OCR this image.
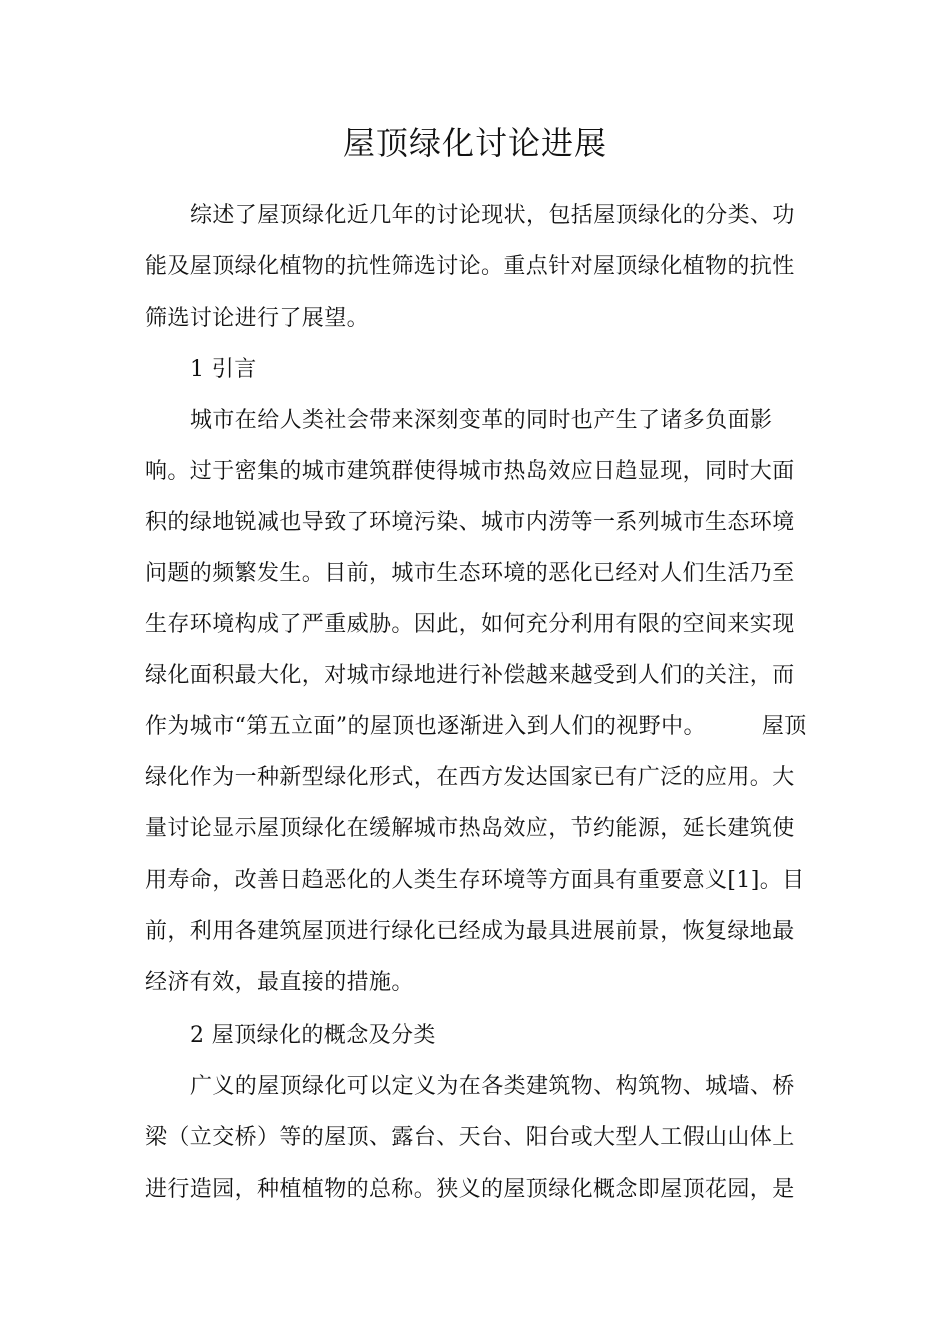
屋顶绿化讨论进展
综述了屋顶绿化近几年的讨论现状，包括屋顶绿化的分类、功
能及屋顶绿化植物的抗性筛选讨论。重点针对屋顶绿化植物的抗性
筛选讨论进行了展望。
1 引言
城市在给人类社会带来深刻变革的同时也产生了诸多负面影
响。过于密集的城市建筑群使得城市热岛效应日趋显现，同时大面
积的绿地锐减也导致了环境污染、城市内涝等一系列城市生态环境
问题的频繁发生。目前，城市生态环境的恶化已经对人们生活乃至
生存环境构成了严重威胁。因此，如何充分利用有限的空间来实现
绿化面积最大化，对城市绿地进行补偿越来越受到人们的关注，而
作为城市“第五立面”的屋顶也逐渐进入到人们的视野中。	屋顶
绿化作为一种新型绿化形式，在西方发达国家已有广泛的应用。大
量讨论显示屋顶绿化在缓解城市热岛效应，节约能源，延长建筑使
用寿命，改善日趋恶化的人类生存环境等方面具有重要意义[1]。目
前，利用各建筑屋顶进行绿化已经成为最具进展前景，恢复绿地最
经济有效，最直接的措施。
2 屋顶绿化的概念及分类
广义的屋顶绿化可以定义为在各类建筑物、构筑物、城墙、桥
梁（立交桥）等的屋顶、露台、天台、阳台或大型人工假山山体上
进行造园，种植植物的总称。狭义的屋顶绿化概念即屋顶花园，是
